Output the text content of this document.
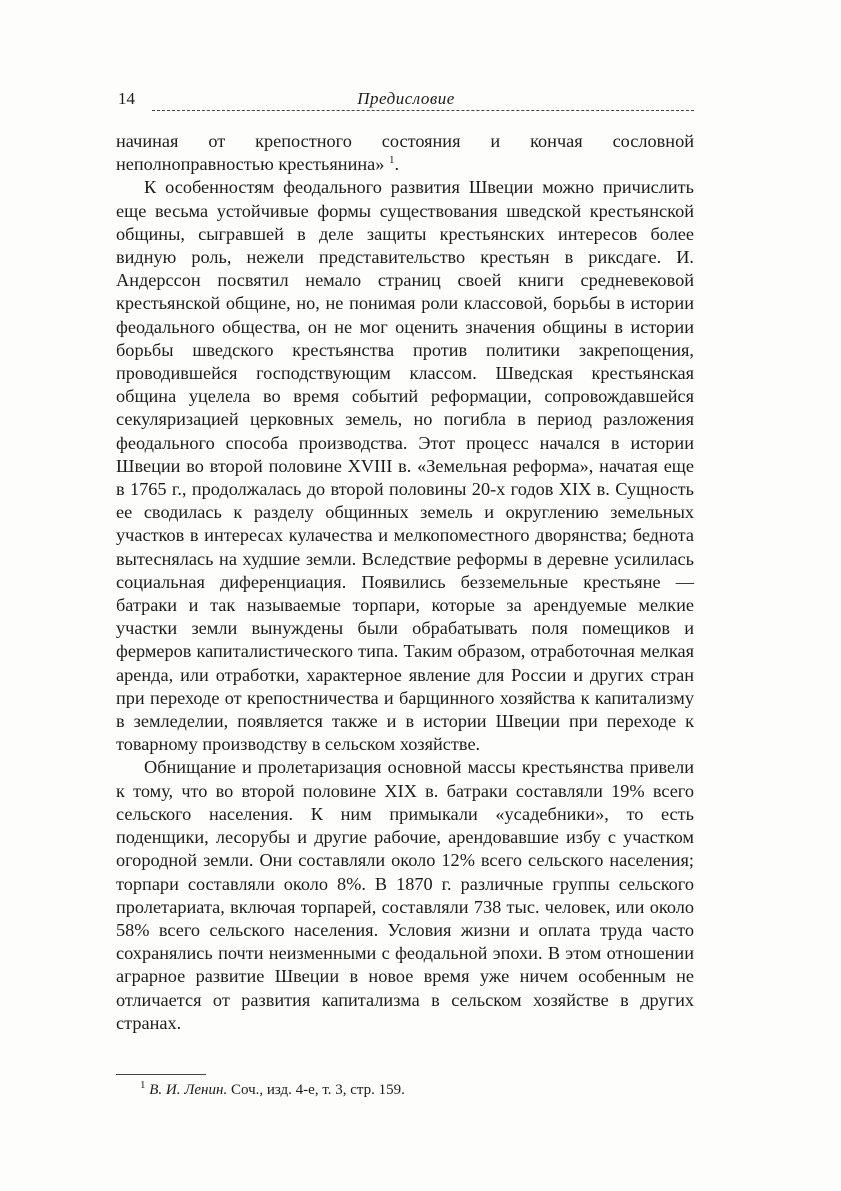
14	Предисловие

начиная от крепостного состояния и кончая сословной неполноправностью крестьянина» $^1$.

К особенностям феодального развития Швеции можно причислить еще весьма устойчивые формы существования шведской крестьянской общины, сыгравшей в деле защиты крестьянских интересов более видную роль, нежели представительство крестьян в риксдаге. И. Андерссон посвятил немало страниц своей книги средневековой крестьянской общине, но, не понимая роли классовой, борьбы в истории феодального общества, он не мог оценить значения общины в истории борьбы шведского крестьянства против политики закрепощения, проводившейся господствующим классом. Шведская крестьянская община уцелела во время событий реформации, сопровождавшейся секуляризацией церковных земель, но погибла в период разложения феодального способа производства. Этот процесс начался в истории Швеции во второй половине XVIII в. «Земельная реформа», начатая еще в 1765 г., продолжалась до второй половины 20-х годов XIX в. Сущность ее сводилась к разделу общинных земель и округлению земельных участков в интересах кулачества и мелкопоместного дворянства; беднота вытеснялась на худшие земли. Вследствие реформы в деревне усилилась социальная диференциация. Появились безземельные крестьяне — батраки и так называемые торпари, которые за арендуемые мелкие участки земли вынуждены были обрабатывать поля помещиков и фермеров капиталистического типа. Таким образом, отработочная мелкая аренда, или отработки, характерное явление для России и других стран при переходе от крепостничества и барщинного хозяйства к капитализму в земледелии, появляется также и в истории Швеции при переходе к товарному производству в сельском хозяйстве.

Обнищание и пролетаризация основной массы крестьянства привели к тому, что во второй половине XIX в. батраки составляли 19% всего сельского населения. К ним примыкали «усадебники», то есть поденщики, лесорубы и другие рабочие, арендовавшие избу с участком огородной земли. Они составляли около 12% всего сельского населения; торпари составляли около 8%. В 1870 г. различные группы сельского пролетариата, включая торпарей, составляли 738 тыс. человек, или около 58% всего сельского населения. Условия жизни и оплата труда часто сохранялись почти неизменными с феодальной эпохи. В этом отношении аграрное развитие Швеции в новое время уже ничем особенным не отличается от развития капитализма в сельском хозяйстве в других странах.

$^1$ В. И. Ленин. Соч., изд. 4-е, т. 3, стр. 159.
